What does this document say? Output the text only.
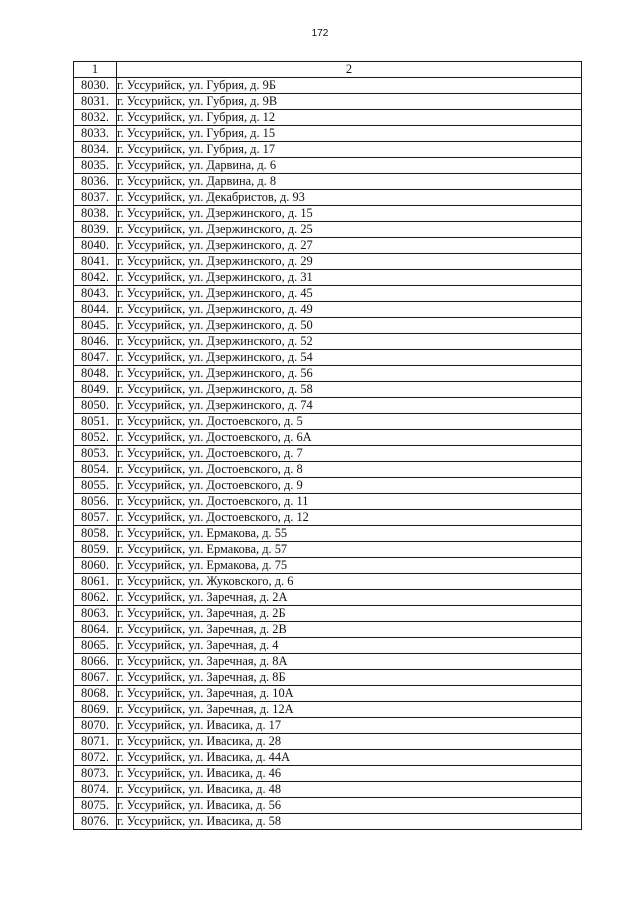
172
1	2
8030.	г. Уссурийск, ул. Губрия, д. 9Б
8031.	г. Уссурийск, ул. Губрия, д. 9В
8032.	г. Уссурийск, ул. Губрия, д. 12
8033.	г. Уссурийск, ул. Губрия, д. 15
8034.	г. Уссурийск, ул. Губрия, д. 17
8035.	г. Уссурийск, ул. Дарвина, д. 6
8036.	г. Уссурийск, ул. Дарвина, д. 8
8037.	г. Уссурийск, ул. Декабристов, д. 93
8038.	г. Уссурийск, ул. Дзержинского, д. 15
8039.	г. Уссурийск, ул. Дзержинского, д. 25
8040.	г. Уссурийск, ул. Дзержинского, д. 27
8041.	г. Уссурийск, ул. Дзержинского, д. 29
8042.	г. Уссурийск, ул. Дзержинского, д. 31
8043.	г. Уссурийск, ул. Дзержинского, д. 45
8044.	г. Уссурийск, ул. Дзержинского, д. 49
8045.	г. Уссурийск, ул. Дзержинского, д. 50
8046.	г. Уссурийск, ул. Дзержинского, д. 52
8047.	г. Уссурийск, ул. Дзержинского, д. 54
8048.	г. Уссурийск, ул. Дзержинского, д. 56
8049.	г. Уссурийск, ул. Дзержинского, д. 58
8050.	г. Уссурийск, ул. Дзержинского, д. 74
8051.	г. Уссурийск, ул. Достоевского, д. 5
8052.	г. Уссурийск, ул. Достоевского, д. 6А
8053.	г. Уссурийск, ул. Достоевского, д. 7
8054.	г. Уссурийск, ул. Достоевского, д. 8
8055.	г. Уссурийск, ул. Достоевского, д. 9
8056.	г. Уссурийск, ул. Достоевского, д. 11
8057.	г. Уссурийск, ул. Достоевского, д. 12
8058.	г. Уссурийск, ул. Ермакова, д. 55
8059.	г. Уссурийск, ул. Ермакова, д. 57
8060.	г. Уссурийск, ул. Ермакова, д. 75
8061.	г. Уссурийск, ул. Жуковского, д. 6
8062.	г. Уссурийск, ул. Заречная, д. 2А
8063.	г. Уссурийск, ул. Заречная, д. 2Б
8064.	г. Уссурийск, ул. Заречная, д. 2В
8065.	г. Уссурийск, ул. Заречная, д. 4
8066.	г. Уссурийск, ул. Заречная, д. 8А
8067.	г. Уссурийск, ул. Заречная, д. 8Б
8068.	г. Уссурийск, ул. Заречная, д. 10А
8069.	г. Уссурийск, ул. Заречная, д. 12А
8070.	г. Уссурийск, ул. Ивасика, д. 17
8071.	г. Уссурийск, ул. Ивасика, д. 28
8072.	г. Уссурийск, ул. Ивасика, д. 44А
8073.	г. Уссурийск, ул. Ивасика, д. 46
8074.	г. Уссурийск, ул. Ивасика, д. 48
8075.	г. Уссурийск, ул. Ивасика, д. 56
8076.	г. Уссурийск, ул. Ивасика, д. 58
